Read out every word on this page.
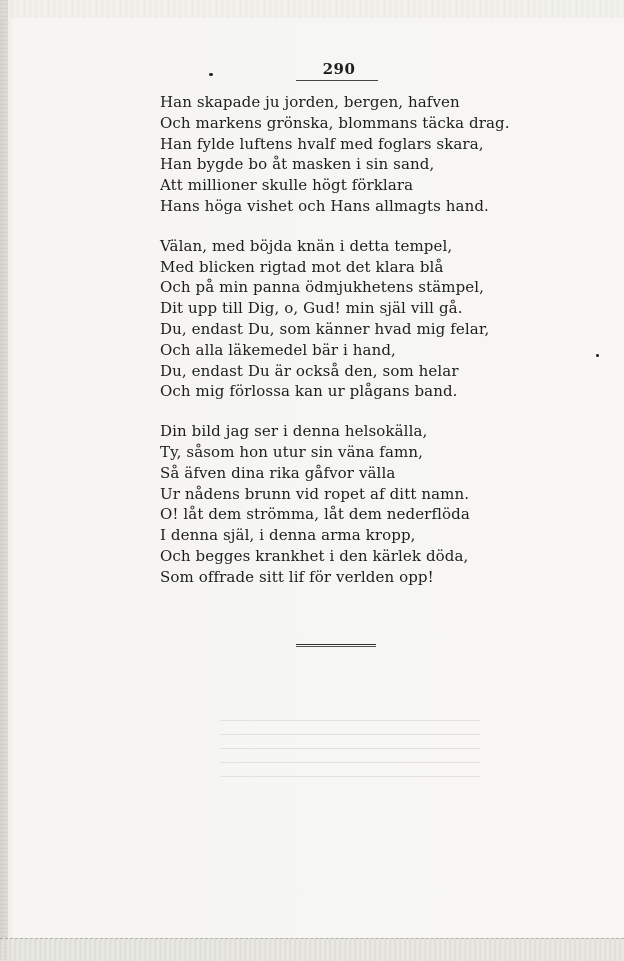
290
Han skapade ju jorden, bergen, hafven
Och markens grönska, blommans täcka drag.
Han fylde luftens hvalf med foglars skara,
Han bygde bo åt masken i sin sand,
Att millioner skulle högt förklara
Hans höga vishet och Hans allmagts hand.
Välan, med böjda knän i detta tempel,
Med blicken rigtad mot det klara blå
Och på min panna ödmjukhetens stämpel,
Dit upp till Dig, o, Gud! min själ vill gå.
Du, endast Du, som känner hvad mig felar,
Och alla läkemedel bär i hand,
Du, endast Du är också den, som helar
Och mig förlossa kan ur plågans band.
Din bild jag ser i denna helsokälla,
Ty, såsom hon utur sin väna famn,
Så äfven dina rika gåfvor välla
Ur nådens brunn vid ropet af ditt namn.
O! låt dem strömma, låt dem nederflöda
I denna själ, i denna arma kropp,
Och begges krankhet i den kärlek döda,
Som offrade sitt lif för verlden opp!
